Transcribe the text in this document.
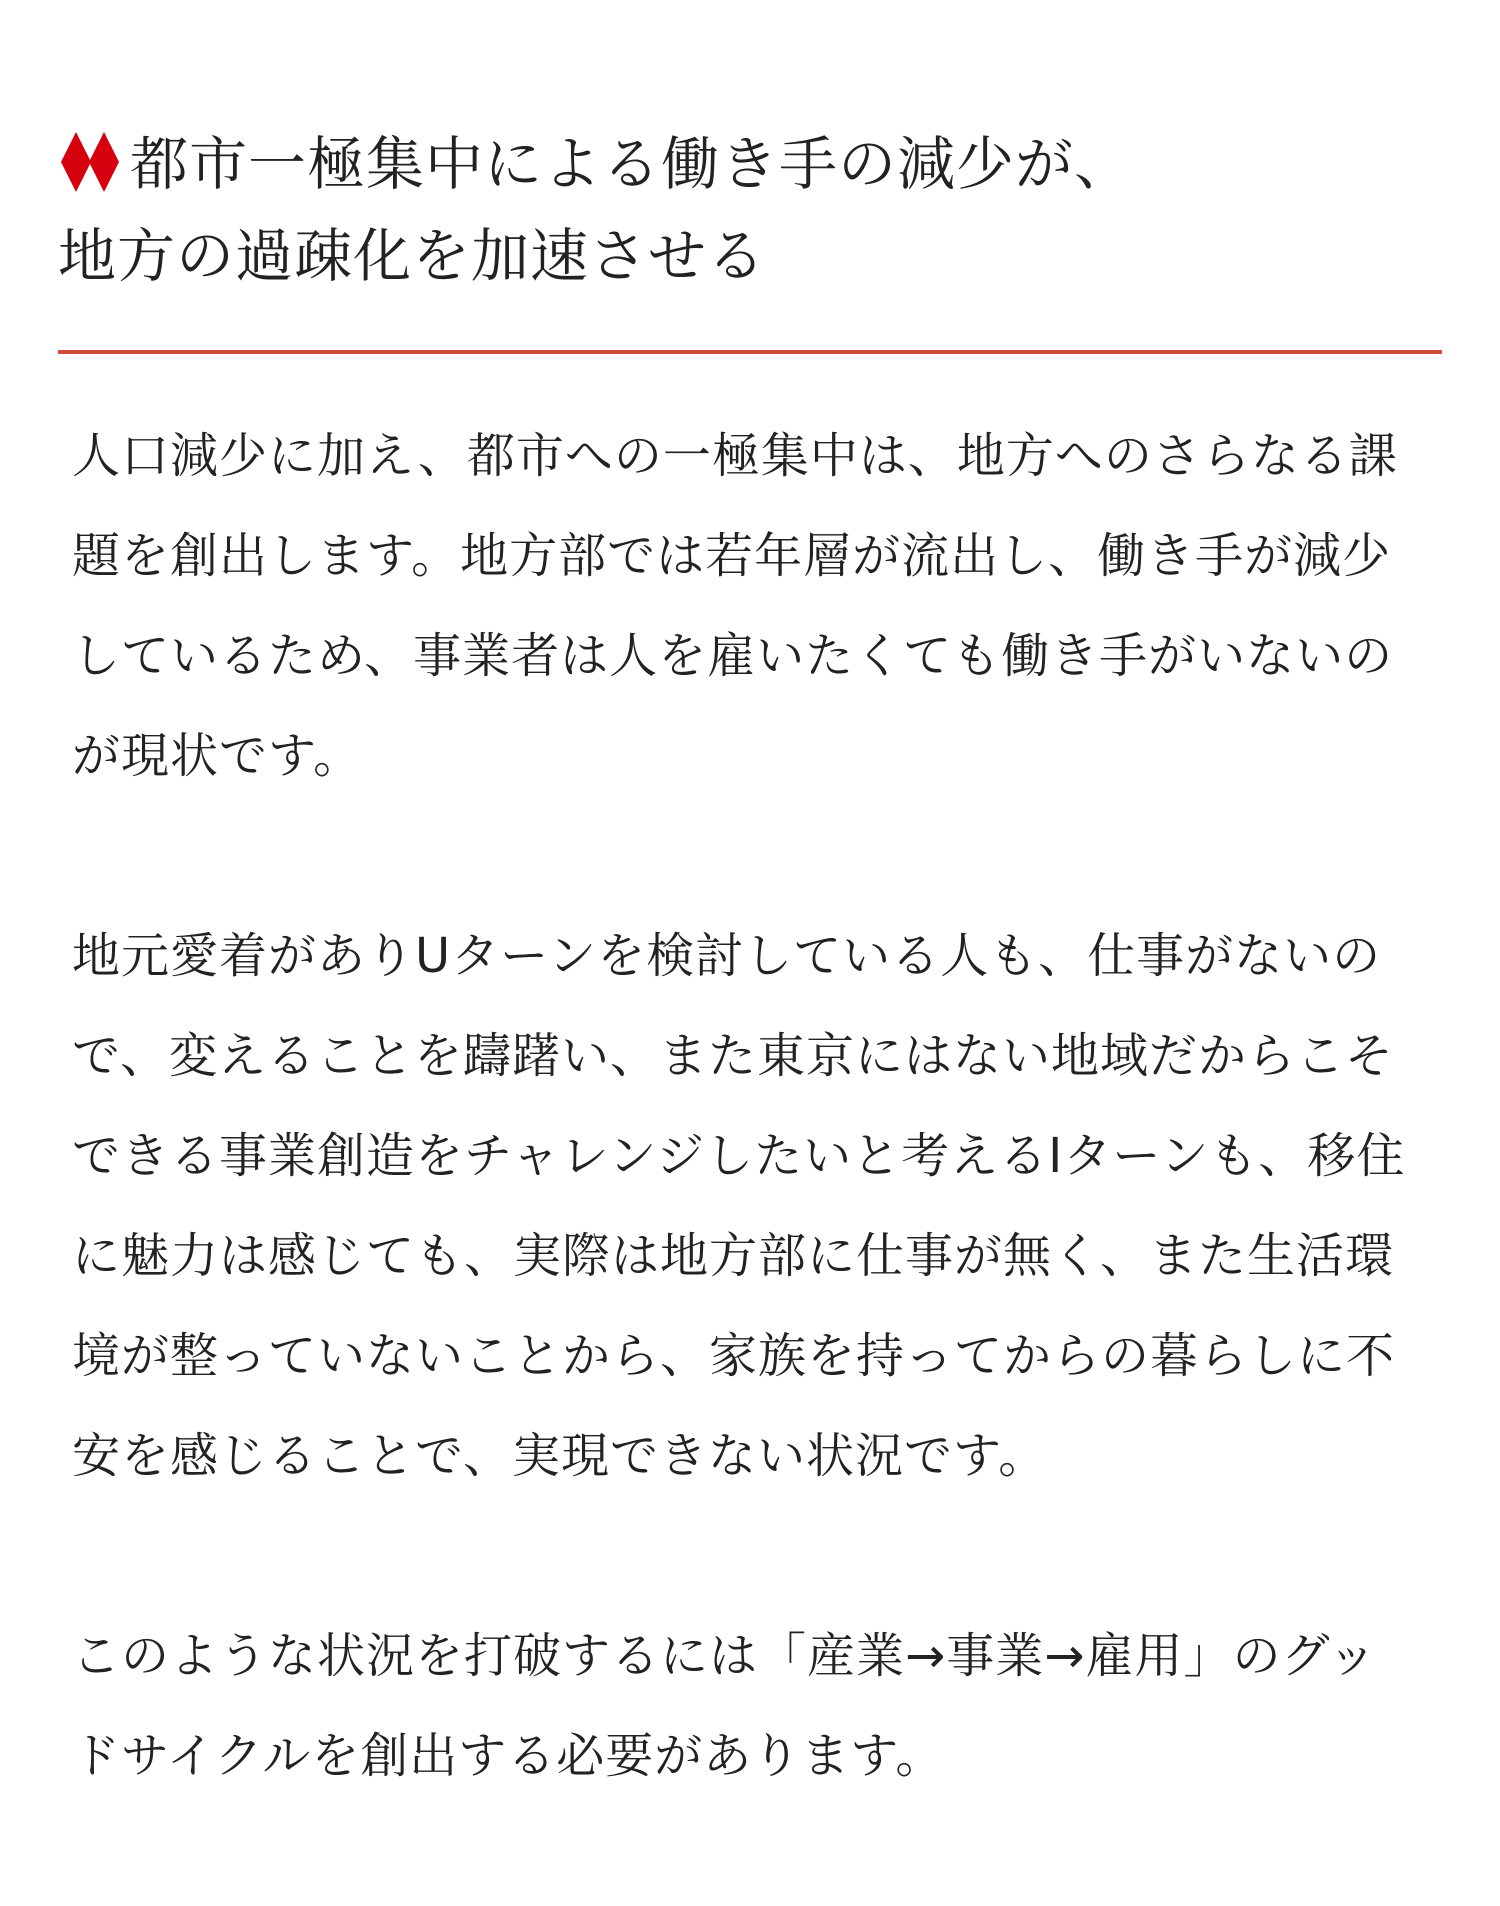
都市一極集中による働き手の減少が、
地方の過疎化を加速させる

人口減少に加え、都市への一極集中は、地方へのさらなる課
題を創出します。地方部では若年層が流出し、働き手が減少
しているため、事業者は人を雇いたくても働き手がいないの
が現状です。

地元愛着がありUターンを検討している人も、仕事がないの
で、変えることを躊躇い、また東京にはない地域だからこそ
できる事業創造をチャレンジしたいと考えるIターンも、移住
に魅力は感じても、実際は地方部に仕事が無く、また生活環
境が整っていないことから、家族を持ってからの暮らしに不
安を感じることで、実現できない状況です。

このような状況を打破するには「産業→事業→雇用」のグッ
ドサイクルを創出する必要があります。
